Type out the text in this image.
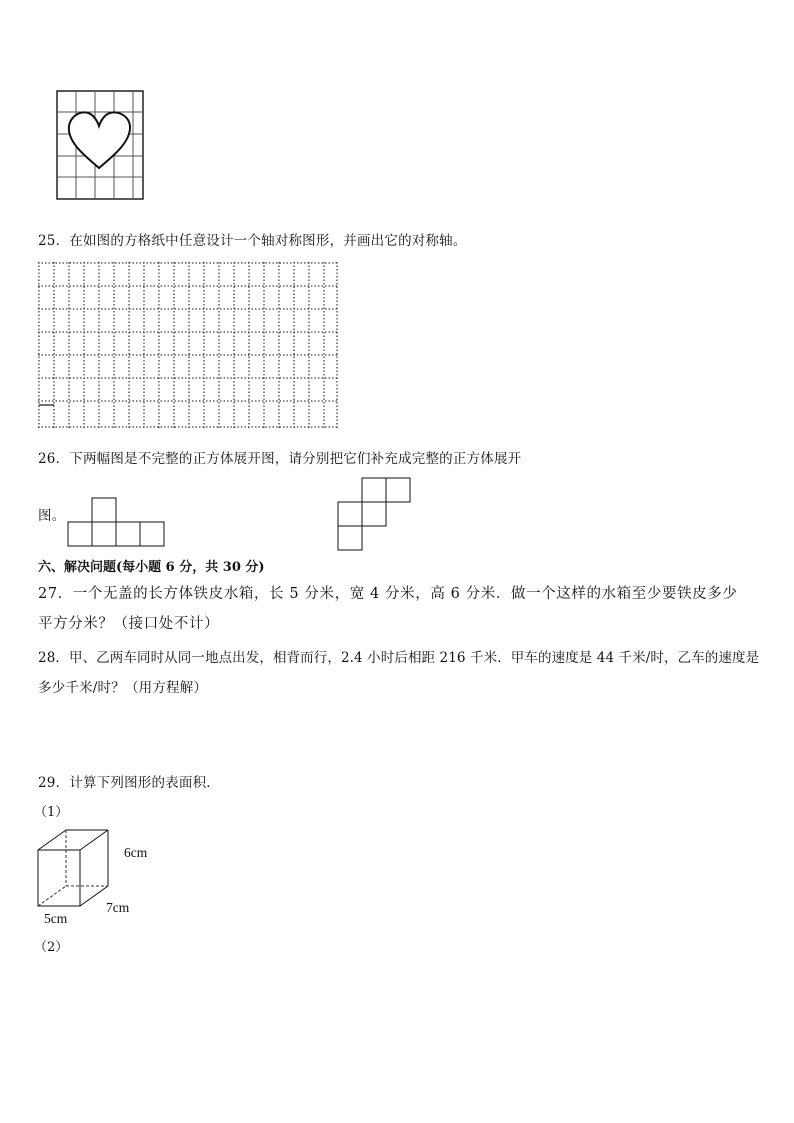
25．在如图的方格纸中任意设计一个轴对称图形，并画出它的对称轴。
26．下两幅图是不完整的正方体展开图，请分别把它们补充成完整的正方体展开
图。
六、解决问题(每小题 6 分，共 30 分)
27．一个无盖的长方体铁皮水箱，长 5 分米，宽 4 分米，高 6 分米．做一个这样的水箱至少要铁皮多少
平方分米？（接口处不计）
28．甲、乙两车同时从同一地点出发，相背而行，2.4 小时后相距 216 千米．甲车的速度是 44 千米/时，乙车的速度是
多少千米/时？（用方程解）
29．计算下列图形的表面积．
（1）
6cm
7cm
5cm
（2）
